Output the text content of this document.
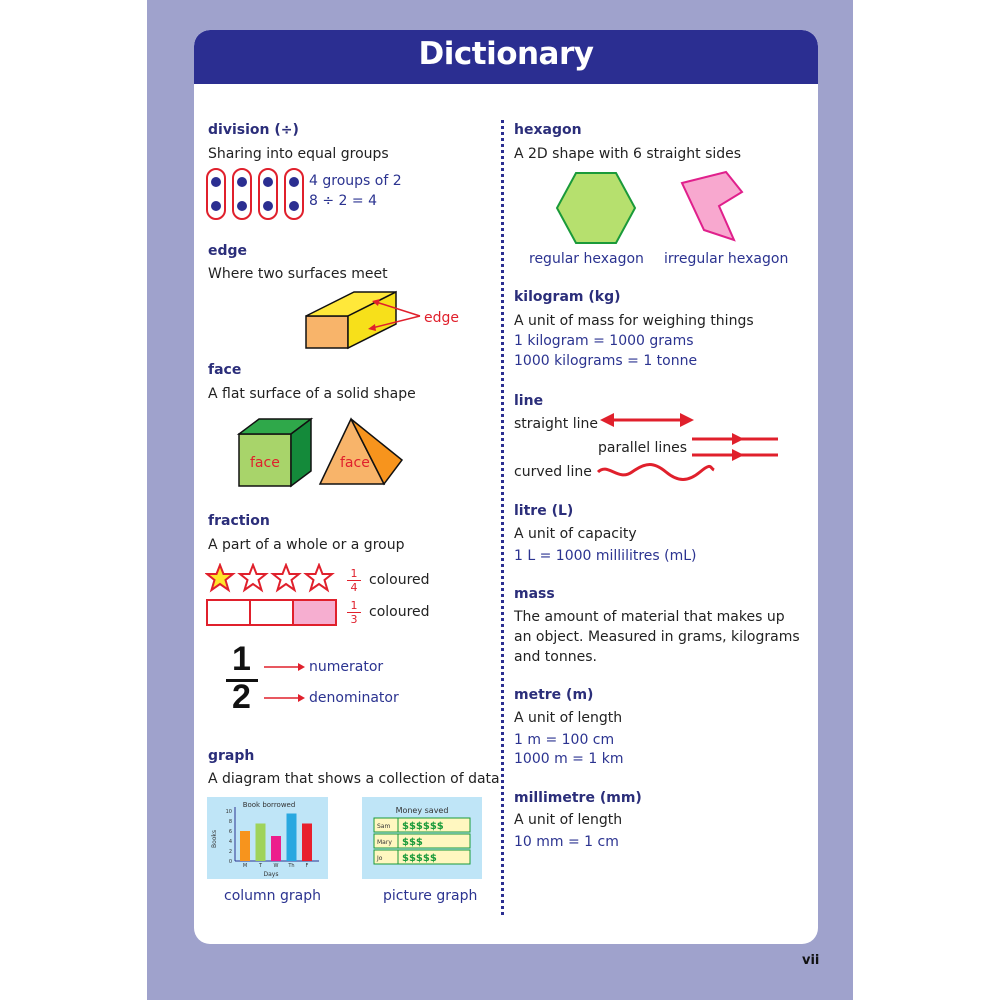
Dictionary
division (÷)
Sharing into equal groups
4 groups of 2
8 ÷ 2 = 4
edge
Where two surfaces meet
edge
face
A flat surface of a solid shape
face	face
fraction
A part of a whole or a group
1
4 coloured
1
3 coloured
1
2
numerator
denominator
graph
A diagram that shows a collection of data
Book borrowed
Books
Days
0
2
4
6
8
10
M T W Th F
column graph
Money saved
Sam $$$$$$
Mary $$$
Jo $$$$$
picture graph
hexagon
A 2D shape with 6 straight sides
regular hexagon irregular hexagon
kilogram (kg)
A unit of mass for weighing things
1 kilogram = 1000 grams
1000 kilograms = 1 tonne
line
straight line
parallel lines
curved line
litre (L)
A unit of capacity
1 L = 1000 millilitres (mL)
mass
The amount of material that makes up
an object. Measured in grams, kilograms
and tonnes.
metre (m)
A unit of length
1 m = 100 cm
1000 m = 1 km
millimetre (mm)
A unit of length
10 mm = 1 cm
vii
